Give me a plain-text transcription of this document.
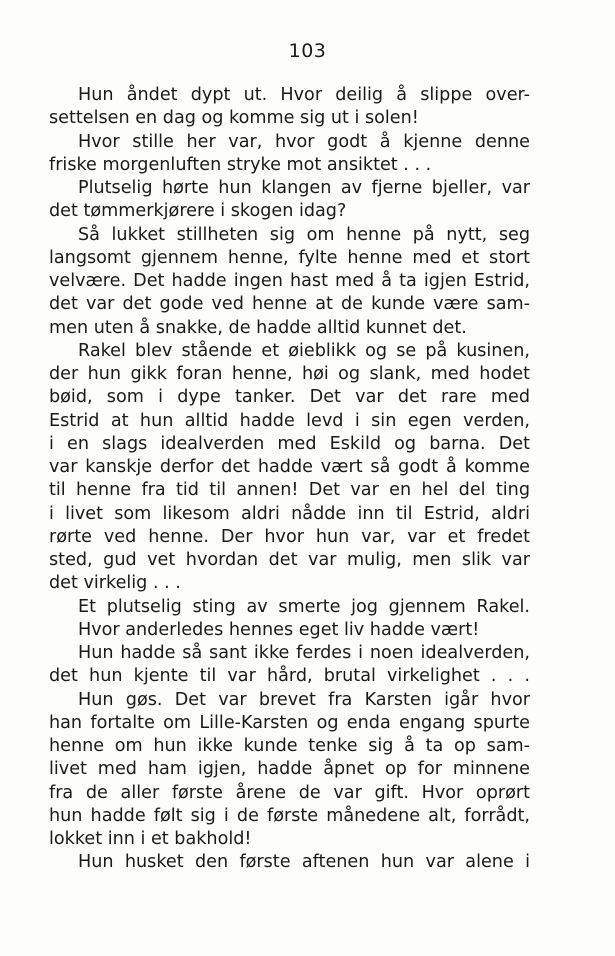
103
Hun åndet dypt ut. Hvor deilig å slippe over-
settelsen en dag og komme sig ut i solen!
Hvor stille her var, hvor godt å kjenne denne
friske morgenluften stryke mot ansiktet . . .
Plutselig hørte hun klangen av fjerne bjeller, var
det tømmerkjørere i skogen idag?
Så lukket stillheten sig om henne på nytt, seg
langsomt gjennem henne, fylte henne med et stort
velvære. Det hadde ingen hast med å ta igjen Estrid,
det var det gode ved henne at de kunde være sam-
men uten å snakke, de hadde alltid kunnet det.
Rakel blev stående et øieblikk og se på kusinen,
der hun gikk foran henne, høi og slank, med hodet
bøid, som i dype tanker. Det var det rare med
Estrid at hun alltid hadde levd i sin egen verden,
i en slags idealverden med Eskild og barna. Det
var kanskje derfor det hadde vært så godt å komme
til henne fra tid til annen! Det var en hel del ting
i livet som likesom aldri nådde inn til Estrid, aldri
rørte ved henne. Der hvor hun var, var et fredet
sted, gud vet hvordan det var mulig, men slik var
det virkelig . . .
Et plutselig sting av smerte jog gjennem Rakel.
Hvor anderledes hennes eget liv hadde vært!
Hun hadde så sant ikke ferdes i noen idealverden,
det hun kjente til var hård, brutal virkelighet . . .
Hun gøs. Det var brevet fra Karsten igår hvor
han fortalte om Lille-Karsten og enda engang spurte
henne om hun ikke kunde tenke sig å ta op sam-
livet med ham igjen, hadde åpnet op for minnene
fra de aller første årene de var gift. Hvor oprørt
hun hadde følt sig i de første månedene alt, forrådt,
lokket inn i et bakhold!
Hun husket den første aftenen hun var alene i
